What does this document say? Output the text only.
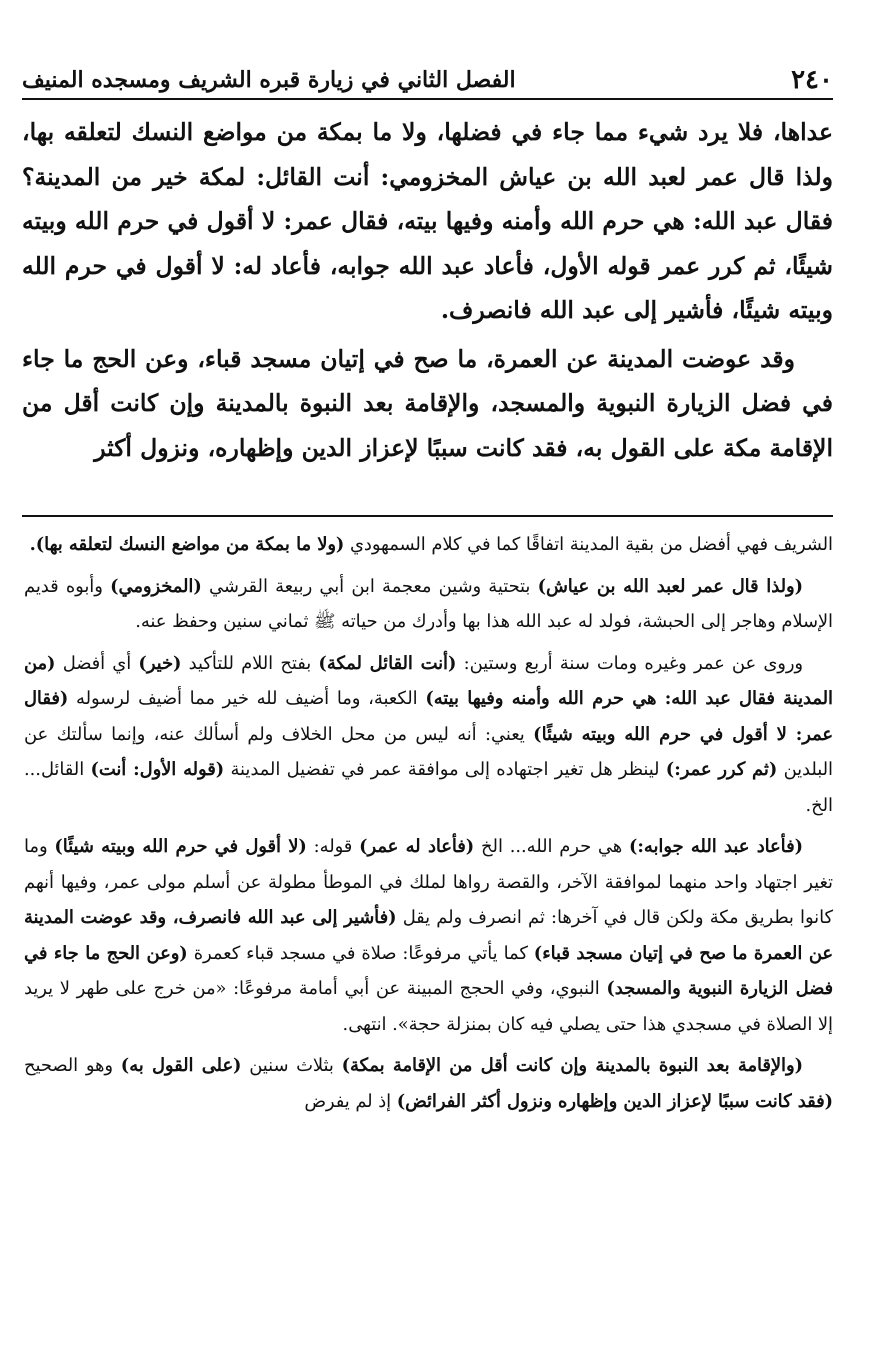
٢٤٠
الفصل الثاني في زيارة قبره الشريف ومسجده المنيف

عداها، فلا يرد شيء مما جاء في فضلها، ولا ما بمكة من مواضع النسك لتعلقه بها، ولذا قال عمر لعبد الله بن عياش المخزومي: أنت القائل: لمكة خير من المدينة؟ فقال عبد الله: هي حرم الله وأمنه وفيها بيته، فقال عمر: لا أقول في حرم الله وبيته شيئًا، ثم كرر عمر قوله الأول، فأعاد عبد الله جوابه، فأعاد له: لا أقول في حرم الله وبيته شيئًا، فأشير إلى عبد الله فانصرف.

وقد عوضت المدينة عن العمرة، ما صح في إتيان مسجد قباء، وعن الحج ما جاء في فضل الزيارة النبوية والمسجد، والإقامة بعد النبوة بالمدينة وإن كانت أقل من الإقامة مكة على القول به، فقد كانت سببًا لإعزاز الدين وإظهاره، ونزول أكثر

الشريف فهي أفضل من بقية المدينة اتفاقًا كما في كلام السمهودي (ولا ما بمكة من مواضع النسك لتعلقه بها).

(ولذا قال عمر لعبد الله بن عياش) بتحتية وشين معجمة ابن أبي ربيعة القرشي (المخزومي) وأبوه قديم الإسلام وهاجر إلى الحبشة، فولد له عبد الله هذا بها وأدرك من حياته ﷺ ثماني سنين وحفظ عنه.

وروى عن عمر وغيره ومات سنة أربع وستين: (أنت القائل لمكة) بفتح اللام للتأكيد (خير) أي أفضل (من المدينة فقال عبد الله: هي حرم الله وأمنه وفيها بيته) الكعبة، وما أضيف لله خير مما أضيف لرسوله (فقال عمر: لا أقول في حرم الله وبيته شيئًا) يعني: أنه ليس من محل الخلاف ولم أسألك عنه، وإنما سألتك عن البلدين (ثم كرر عمر:) لينظر هل تغير اجتهاده إلى موافقة عمر في تفضيل المدينة (قوله الأول: أنت) القائل... الخ.

(فأعاد عبد الله جوابه:) هي حرم الله... الخ (فأعاد له عمر) قوله: (لا أقول في حرم الله وبيته شيئًا) وما تغير اجتهاد واحد منهما لموافقة الآخر، والقصة رواها لملك في الموطأ مطولة عن أسلم مولى عمر، وفيها أنهم كانوا بطريق مكة ولكن قال في آخرها: ثم انصرف ولم يقل (فأشير إلى عبد الله فانصرف، وقد عوضت المدينة عن العمرة ما صح في إتيان مسجد قباء) كما يأتي مرفوعًا: صلاة في مسجد قباء كعمرة (وعن الحج ما جاء في فضل الزيارة النبوية والمسجد) النبوي، وفي الحجج المبينة عن أبي أمامة مرفوعًا: «من خرج على طهر لا يريد إلا الصلاة في مسجدي هذا حتى يصلي فيه كان بمنزلة حجة». انتهى.

(والإقامة بعد النبوة بالمدينة وإن كانت أقل من الإقامة بمكة) بثلاث سنين (على القول به) وهو الصحيح (فقد كانت سببًا لإعزاز الدين وإظهاره ونزول أكثر الفرائض) إذ لم يفرض
